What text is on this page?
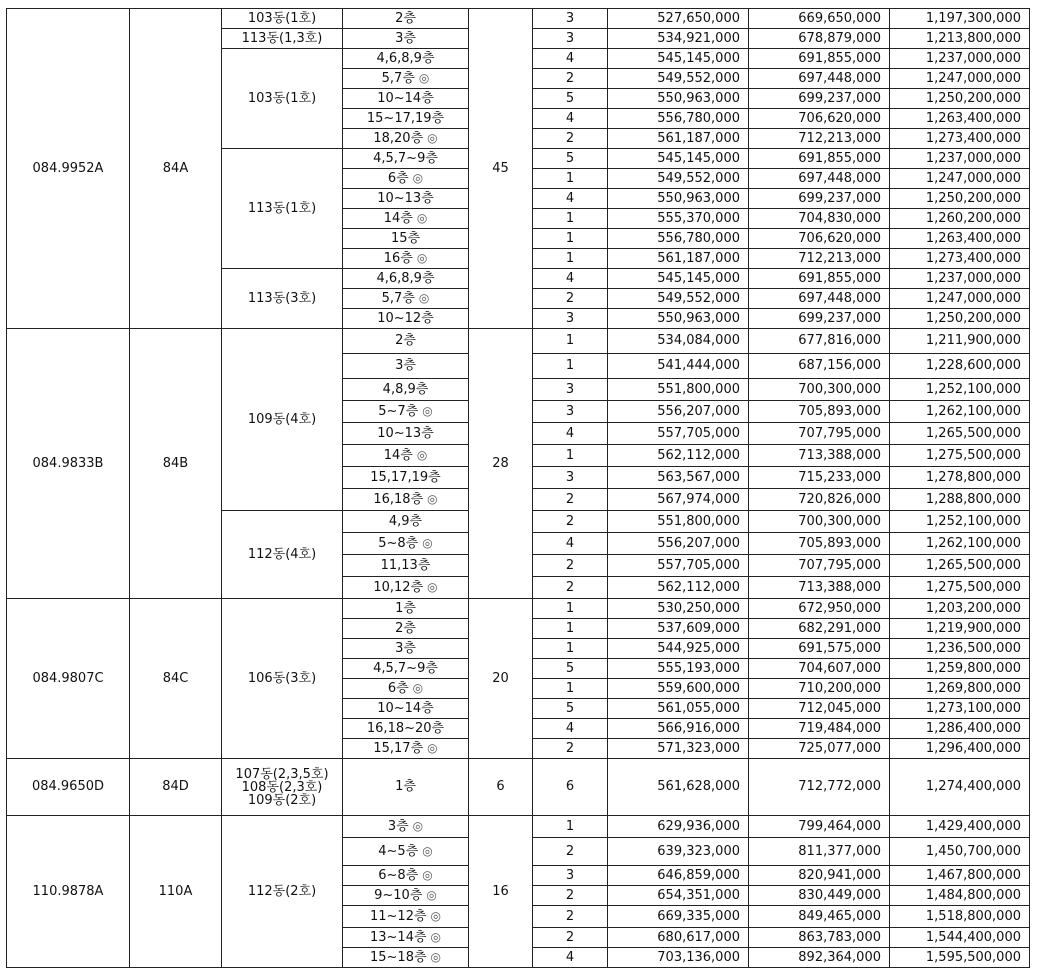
084.9952A	84A	103동(1호)	2층	45	3	527,650,000	669,650,000	1,197,300,000
		113동(1,3호)	3층		3	534,921,000	678,879,000	1,213,800,000
		103동(1호)	4,6,8,9층		4	545,145,000	691,855,000	1,237,000,000
			5,7층 ◎		2	549,552,000	697,448,000	1,247,000,000
			10~14층		5	550,963,000	699,237,000	1,250,200,000
			15~17,19층		4	556,780,000	706,620,000	1,263,400,000
			18,20층 ◎		2	561,187,000	712,213,000	1,273,400,000
		113동(1호)	4,5,7~9층		5	545,145,000	691,855,000	1,237,000,000
			6층 ◎		1	549,552,000	697,448,000	1,247,000,000
			10~13층		4	550,963,000	699,237,000	1,250,200,000
			14층 ◎		1	555,370,000	704,830,000	1,260,200,000
			15층		1	556,780,000	706,620,000	1,263,400,000
			16층 ◎		1	561,187,000	712,213,000	1,273,400,000
		113동(3호)	4,6,8,9층		4	545,145,000	691,855,000	1,237,000,000
			5,7층 ◎		2	549,552,000	697,448,000	1,247,000,000
			10~12층		3	550,963,000	699,237,000	1,250,200,000
084.9833B	84B	109동(4호)	2층	28	1	534,084,000	677,816,000	1,211,900,000
			3층		1	541,444,000	687,156,000	1,228,600,000
			4,8,9층		3	551,800,000	700,300,000	1,252,100,000
			5~7층 ◎		3	556,207,000	705,893,000	1,262,100,000
			10~13층		4	557,705,000	707,795,000	1,265,500,000
			14층 ◎		1	562,112,000	713,388,000	1,275,500,000
			15,17,19층		3	563,567,000	715,233,000	1,278,800,000
			16,18층 ◎		2	567,974,000	720,826,000	1,288,800,000
		112동(4호)	4,9층		2	551,800,000	700,300,000	1,252,100,000
			5~8층 ◎		4	556,207,000	705,893,000	1,262,100,000
			11,13층		2	557,705,000	707,795,000	1,265,500,000
			10,12층 ◎		2	562,112,000	713,388,000	1,275,500,000
084.9807C	84C	106동(3호)	1층	20	1	530,250,000	672,950,000	1,203,200,000
			2층		1	537,609,000	682,291,000	1,219,900,000
			3층		1	544,925,000	691,575,000	1,236,500,000
			4,5,7~9층		5	555,193,000	704,607,000	1,259,800,000
			6층 ◎		1	559,600,000	710,200,000	1,269,800,000
			10~14층		5	561,055,000	712,045,000	1,273,100,000
			16,18~20층		4	566,916,000	719,484,000	1,286,400,000
			15,17층 ◎		2	571,323,000	725,077,000	1,296,400,000
084.9650D	84D	107동(2,3,5호)
108동(2,3호)
109동(2호)	1층	6	6	561,628,000	712,772,000	1,274,400,000
110.9878A	110A	112동(2호)	3층 ◎	16	1	629,936,000	799,464,000	1,429,400,000
			4~5층 ◎		2	639,323,000	811,377,000	1,450,700,000
			6~8층 ◎		3	646,859,000	820,941,000	1,467,800,000
			9~10층 ◎		2	654,351,000	830,449,000	1,484,800,000
			11~12층 ◎		2	669,335,000	849,465,000	1,518,800,000
			13~14층 ◎		2	680,617,000	863,783,000	1,544,400,000
			15~18층 ◎		4	703,136,000	892,364,000	1,595,500,000
